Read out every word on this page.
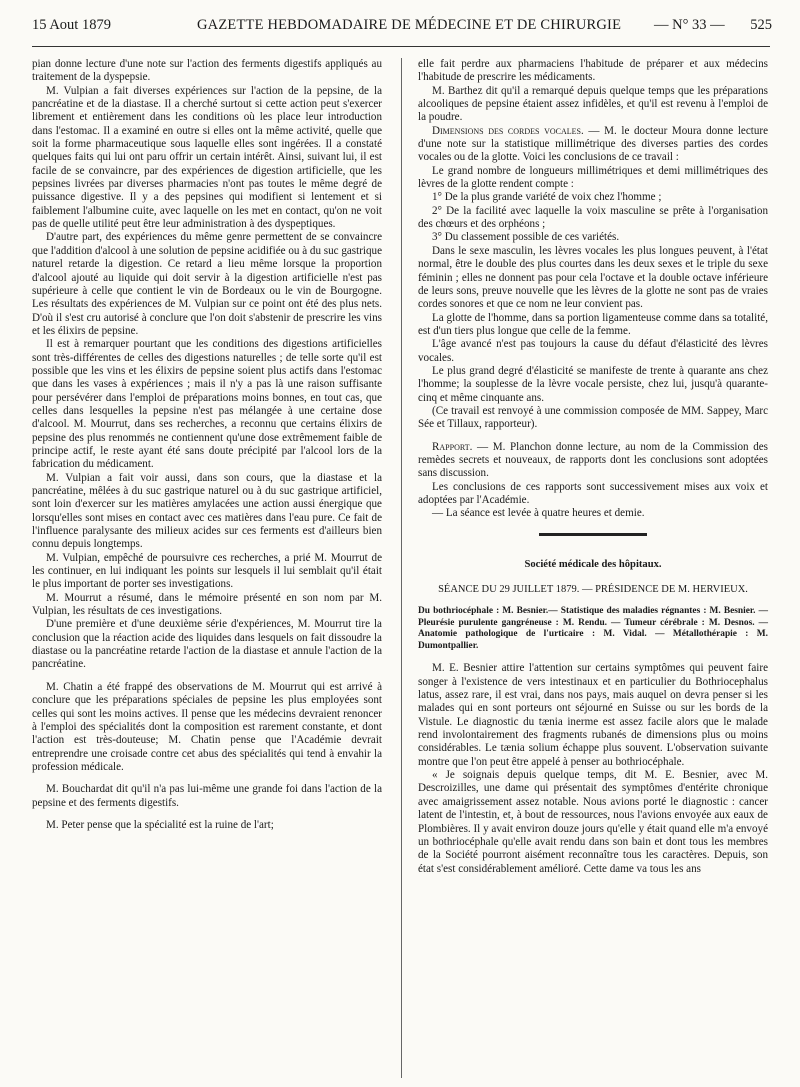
15 Aout 1879	GAZETTE HEBDOMADAIRE DE MÉDECINE ET DE CHIRURGIE — N° 33 — 525

pian donne lecture d'une note sur l'action des ferments digestifs appliqués au traitement de la dyspepsie.

M. Vulpian a fait diverses expériences sur l'action de la pepsine, de la pancréatine et de la diastase. Il a cherché surtout si cette action peut s'exercer librement et entièrement dans les conditions où les place leur introduction dans l'estomac. Il a examiné en outre si elles ont la même activité, quelle que soit la forme pharmaceutique sous laquelle elles sont ingérées. Il a constaté quelques faits qui lui ont paru offrir un certain intérêt. Ainsi, suivant lui, il est facile de se convaincre, par des expériences de digestion artificielle, que les pepsines livrées par diverses pharmacies n'ont pas toutes le même degré de puissance digestive. Il y a des pepsines qui modifient si lentement et si faiblement l'albumine cuite, avec laquelle on les met en contact, qu'on ne voit pas de quelle utilité peut être leur administration à des dyspeptiques.

D'autre part, des expériences du même genre permettent de se convaincre que l'addition d'alcool à une solution de pepsine acidifiée ou à du suc gastrique naturel retarde la digestion. Ce retard a lieu même lorsque la proportion d'alcool ajouté au liquide qui doit servir à la digestion artificielle n'est pas supérieure à celle que contient le vin de Bordeaux ou le vin de Bourgogne. Les résultats des expériences de M. Vulpian sur ce point ont été des plus nets. D'où il s'est cru autorisé à conclure que l'on doit s'abstenir de prescrire les vins et les élixirs de pepsine.

Il est à remarquer pourtant que les conditions des digestions artificielles sont très-différentes de celles des digestions naturelles ; de telle sorte qu'il est possible que les vins et les élixirs de pepsine soient plus actifs dans l'estomac que dans les vases à expériences ; mais il n'y a pas là une raison suffisante pour persévérer dans l'emploi de préparations moins bonnes, en tout cas, que celles dans lesquelles la pepsine n'est pas mélangée à une certaine dose d'alcool. M. Mourrut, dans ses recherches, a reconnu que certains élixirs de pepsine des plus renommés ne contiennent qu'une dose extrêmement faible de principe actif, le reste ayant été sans doute précipité par l'alcool lors de la fabrication du médicament.

M. Vulpian a fait voir aussi, dans son cours, que la diastase et la pancréatine, mêlées à du suc gastrique naturel ou à du suc gastrique artificiel, sont loin d'exercer sur les matières amylacées une action aussi énergique que lorsqu'elles sont mises en contact avec ces matières dans l'eau pure. Ce fait de l'influence paralysante des milieux acides sur ces ferments est d'ailleurs bien connu depuis longtemps.

M. Vulpian, empêché de poursuivre ces recherches, a prié M. Mourrut de les continuer, en lui indiquant les points sur lesquels il lui semblait qu'il était le plus important de porter ses investigations.

M. Mourrut a résumé, dans le mémoire présenté en son nom par M. Vulpian, les résultats de ces investigations.

D'une première et d'une deuxième série d'expériences, M. Mourrut tire la conclusion que la réaction acide des liquides dans lesquels on fait dissoudre la diastase ou la pancréatine retarde l'action de la diastase et annule l'action de la pancréatine.

M. Chatin a été frappé des observations de M. Mourrut qui est arrivé à conclure que les préparations spéciales de pepsine les plus employées sont celles qui sont les moins actives. Il pense que les médecins devraient renoncer à l'emploi des spécialités dont la composition est rarement constante, et dont l'action est très-douteuse; M. Chatin pense que l'Académie devrait entreprendre une croisade contre cet abus des spécialités qui tend à envahir la profession médicale.

M. Bouchardat dit qu'il n'a pas lui-même une grande foi dans l'action de la pepsine et des ferments digestifs.

M. Peter pense que la spécialité est la ruine de l'art;

elle fait perdre aux pharmaciens l'habitude de préparer et aux médecins l'habitude de prescrire les médicaments.

M. Barthez dit qu'il a remarqué depuis quelque temps que les préparations alcooliques de pepsine étaient assez infidèles, et qu'il est revenu à l'emploi de la poudre.

Dimensions des cordes vocales. — M. le docteur Moura donne lecture d'une note sur la statistique millimétrique des diverses parties des cordes vocales ou de la glotte. Voici les conclusions de ce travail :

Le grand nombre de longueurs millimétriques et demi millimétriques des lèvres de la glotte rendent compte :

1° De la plus grande variété de voix chez l'homme ;

2° De la facilité avec laquelle la voix masculine se prête à l'organisation des chœurs et des orphéons ;

3° Du classement possible de ces variétés.

Dans le sexe masculin, les lèvres vocales les plus longues peuvent, à l'état normal, être le double des plus courtes dans les deux sexes et le triple du sexe féminin ; elles ne donnent pas pour cela l'octave et la double octave inférieure de leurs sons, preuve nouvelle que les lèvres de la glotte ne sont pas de vraies cordes sonores et que ce nom ne leur convient pas.

La glotte de l'homme, dans sa portion ligamenteuse comme dans sa totalité, est d'un tiers plus longue que celle de la femme.

L'âge avancé n'est pas toujours la cause du défaut d'élasticité des lèvres vocales.

Le plus grand degré d'élasticité se manifeste de trente à quarante ans chez l'homme; la souplesse de la lèvre vocale persiste, chez lui, jusqu'à quarante-cinq et même cinquante ans.

(Ce travail est renvoyé à une commission composée de MM. Sappey, Marc Sée et Tillaux, rapporteur).

Rapport. — M. Planchon donne lecture, au nom de la Commission des remèdes secrets et nouveaux, de rapports dont les conclusions sont adoptées sans discussion.

Les conclusions de ces rapports sont successivement mises aux voix et adoptées par l'Académie.

— La séance est levée à quatre heures et demie.

Société médicale des hôpitaux.
SÉANCE DU 29 JUILLET 1879. — PRÉSIDENCE DE M. HERVIEUX.
Du bothriocéphale : M. Besnier.— Statistique des maladies régnantes : M. Besnier. — Pleurésie purulente gangréneuse : M. Rendu. — Tumeur cérébrale : M. Desnos. — Anatomie pathologique de l'urticaire : M. Vidal. — Métallothérapie : M. Dumontpallier.

M. E. Besnier attire l'attention sur certains symptômes qui peuvent faire songer à l'existence de vers intestinaux et en particulier du Bothriocephalus latus, assez rare, il est vrai, dans nos pays, mais auquel on devra penser si les malades qui en sont porteurs ont séjourné en Suisse ou sur les bords de la Vistule. Le diagnostic du tænia inerme est assez facile alors que le malade rend involontairement des fragments rubanés de dimensions plus ou moins considérables. Le tænia solium échappe plus souvent. L'observation suivante montre que l'on peut être appelé à penser au bothriocéphale.

« Je soignais depuis quelque temps, dit M. E. Besnier, avec M. Descroizilles, une dame qui présentait des symptômes d'entérite chronique avec amaigrissement assez notable. Nous avions porté le diagnostic : cancer latent de l'intestin, et, à bout de ressources, nous l'avions envoyée aux eaux de Plombières. Il y avait environ douze jours qu'elle y était quand elle m'a envoyé un bothriocéphale qu'elle avait rendu dans son bain et dont tous les membres de la Société pourront aisément reconnaître tous les caractères. Depuis, son état s'est considérablement amélioré. Cette dame va tous les ans
